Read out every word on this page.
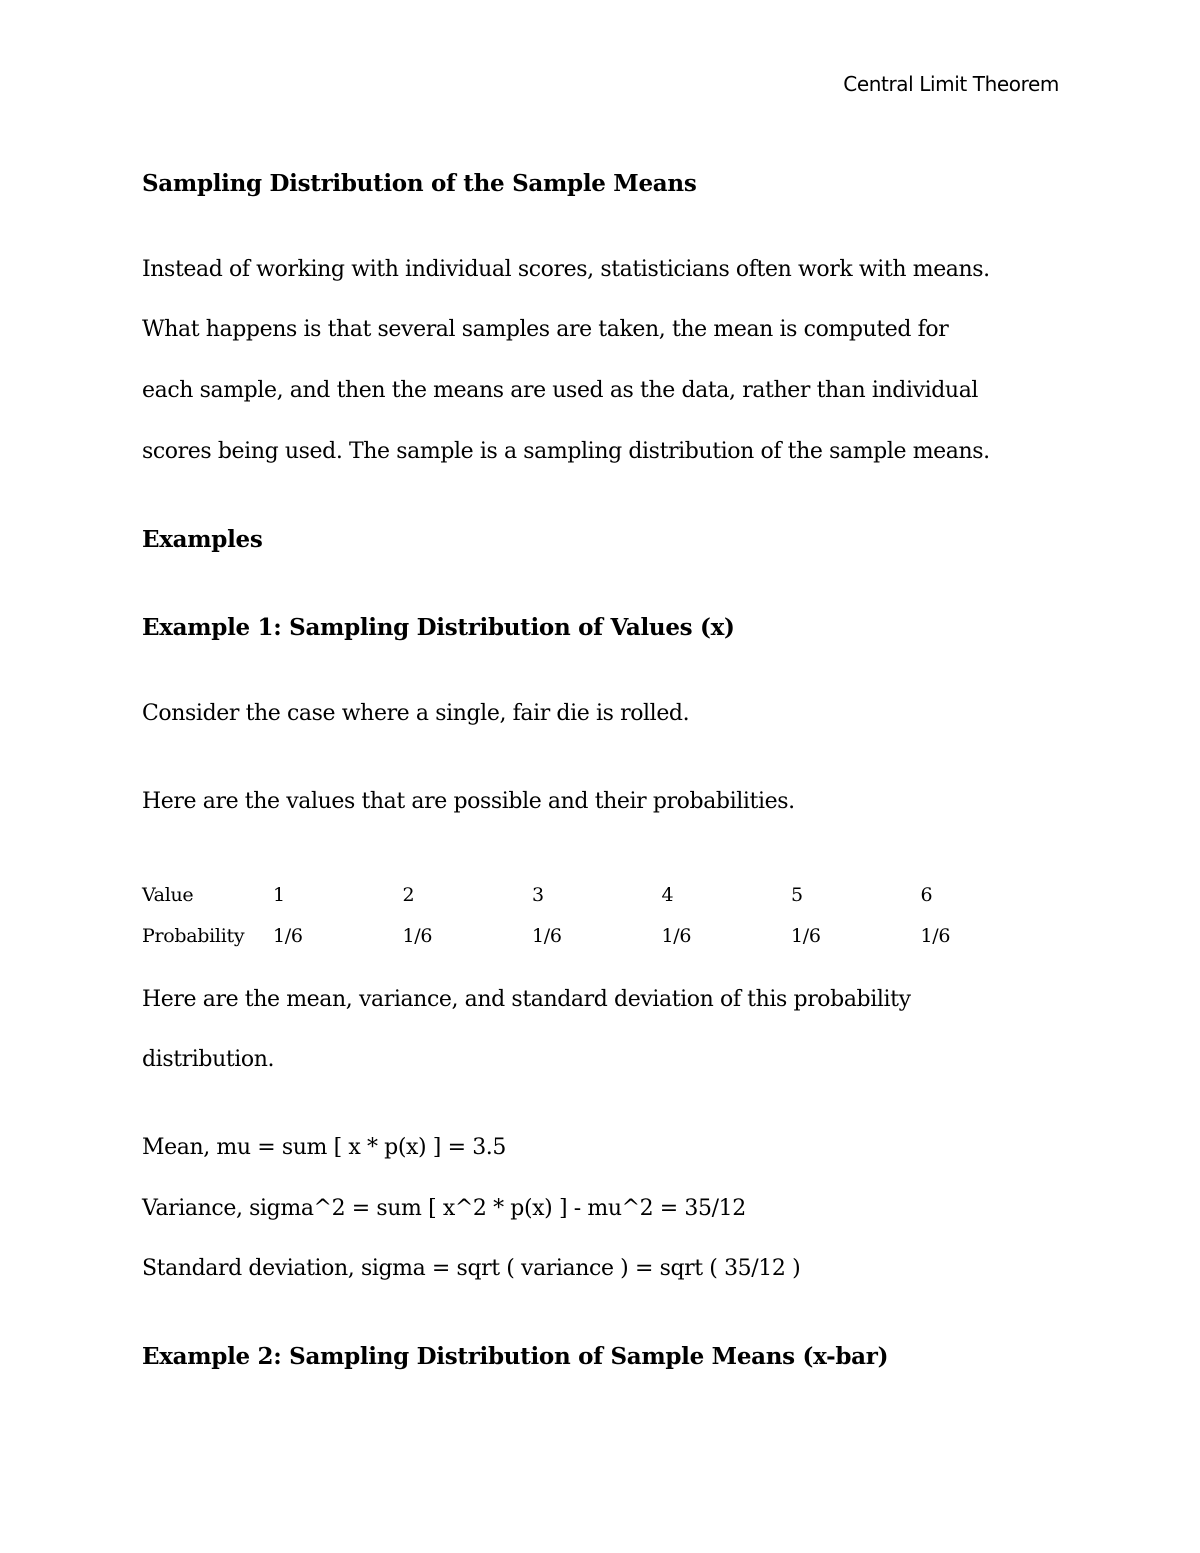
Central Limit Theorem
Sampling Distribution of the Sample Means
Instead of working with individual scores, statisticians often work with means.
What happens is that several samples are taken, the mean is computed for
each sample, and then the means are used as the data, rather than individual
scores being used. The sample is a sampling distribution of the sample means.
Examples
Example 1: Sampling Distribution of Values (x)
Consider the case where a single, fair die is rolled.
Here are the values that are possible and their probabilities.
Value	1	2	3	4	5	6
Probability	1/6	1/6	1/6	1/6	1/6	1/6
Here are the mean, variance, and standard deviation of this probability
distribution.
Mean, mu = sum [ x * p(x) ] = 3.5
Variance, sigma^2 = sum [ x^2 * p(x) ] - mu^2 = 35/12
Standard deviation, sigma = sqrt ( variance ) = sqrt ( 35/12 )
Example 2: Sampling Distribution of Sample Means (x-bar)
